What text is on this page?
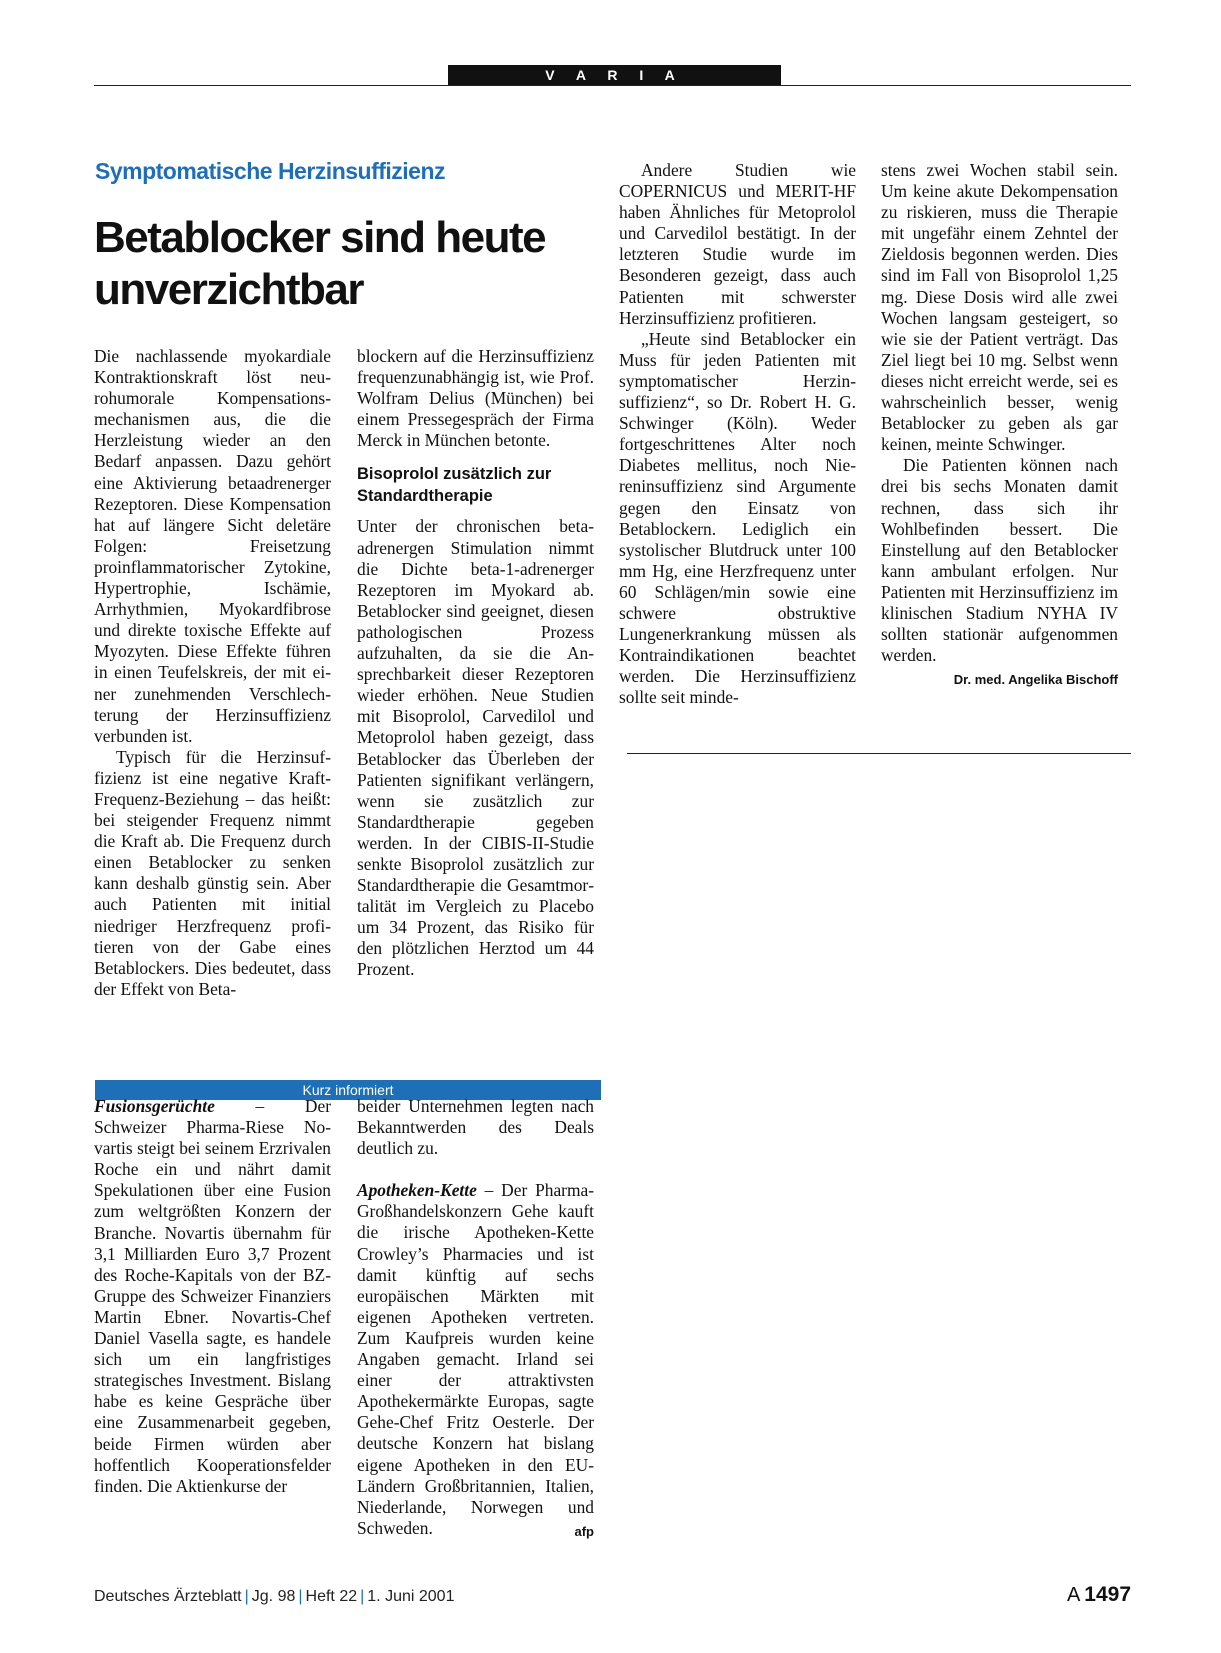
V A R I A
Symptomatische Herzinsuffizienz
Betablocker sind heute unverzichtbar

Die nachlassende myokardiale Kontraktionskraft löst neurohumorale Kompensationsmechanismen aus, die die Herzleistung wieder an den Bedarf anpassen. Dazu gehört eine Aktivierung betaadrenerger Rezeptoren. Diese Kompensation hat auf längere Sicht deletäre Folgen: Freisetzung proinflammatorischer Zytokine, Hypertrophie, Ischämie, Arrhythmien, Myokardfibrose und direkte toxische Effekte auf Myozyten. Diese Effekte führen in einen Teufelskreis, der mit einer zunehmenden Verschlechterung der Herzinsuffizienz verbunden ist.

Typisch für die Herzinsuffizienz ist eine negative Kraft-Frequenz-Beziehung – das heißt: bei steigender Frequenz nimmt die Kraft ab. Die Frequenz durch einen Betablocker zu senken kann deshalb günstig sein. Aber auch Patienten mit initial niedriger Herzfrequenz profitieren von der Gabe eines Betablockers. Dies bedeutet, dass der Effekt von Beta-

blockern auf die Herzinsuffizienz frequenzunabhängig ist, wie Prof. Wolfram Delius (München) bei einem Pressegespräch der Firma Merck in München betonte.

Bisoprolol zusätzlich zur Standardtherapie

Unter der chronischen betaadrenergen Stimulation nimmt die Dichte beta-1-adrenerger Rezeptoren im Myokard ab. Betablocker sind geeignet, diesen pathologischen Prozess aufzuhalten, da sie die Ansprechbarkeit dieser Rezeptoren wieder erhöhen. Neue Studien mit Bisoprolol, Carvedilol und Metoprolol haben gezeigt, dass Betablocker das Überleben der Patienten signifikant verlängern, wenn sie zusätzlich zur Standardtherapie gegeben werden. In der CIBIS-II-Studie senkte Bisoprolol zusätzlich zur Standardtherapie die Gesamtmortalität im Vergleich zu Placebo um 34 Prozent, das Risiko für den plötzlichen Herztod um 44 Prozent.

Andere Studien wie COPERNICUS und MERIT-HF haben Ähnliches für Metoprolol und Carvedilol bestätigt. In der letzteren Studie wurde im Besonderen gezeigt, dass auch Patienten mit schwerster Herzinsuffizienz profitieren.

„Heute sind Betablocker ein Muss für jeden Patienten mit symptomatischer Herzinsuffizienz“, so Dr. Robert H. G. Schwinger (Köln). Weder fortgeschrittenes Alter noch Diabetes mellitus, noch Niereninsuffizienz sind Argumente gegen den Einsatz von Betablockern. Lediglich ein systolischer Blutdruck unter 100 mm Hg, eine Herzfrequenz unter 60 Schlägen/min sowie eine schwere obstruktive Lungenerkrankung müssen als Kontraindikationen beachtet werden. Die Herzinsuffizienz sollte seit minde-

stens zwei Wochen stabil sein. Um keine akute Dekompensation zu riskieren, muss die Therapie mit ungefähr einem Zehntel der Zieldosis begonnen werden. Dies sind im Fall von Bisoprolol 1,25 mg. Diese Dosis wird alle zwei Wochen langsam gesteigert, so wie sie der Patient verträgt. Das Ziel liegt bei 10 mg. Selbst wenn dieses nicht erreicht werde, sei es wahrscheinlich besser, wenig Betablocker zu geben als gar keinen, meinte Schwinger.

Die Patienten können nach drei bis sechs Monaten damit rechnen, dass sich ihr Wohlbefinden bessert. Die Einstellung auf den Betablocker kann ambulant erfolgen. Nur Patienten mit Herzinsuffizienz im klinischen Stadium NYHA IV sollten stationär aufgenommen werden.
Dr. med. Angelika Bischoff

Kurz informiert

Fusionsgerüchte – Der Schweizer Pharma-Riese Novartis steigt bei seinem Erzrivalen Roche ein und nährt damit Spekulationen über eine Fusion zum weltgrößten Konzern der Branche. Novartis übernahm für 3,1 Milliarden Euro 3,7 Prozent des Roche-Kapitals von der BZ-Gruppe des Schweizer Finanziers Martin Ebner. Novartis-Chef Daniel Vasella sagte, es handele sich um ein langfristiges strategisches Investment. Bislang habe es keine Gespräche über eine Zusammenarbeit gegeben, beide Firmen würden aber hoffentlich Kooperationsfelder finden. Die Aktienkurse der

beider Unternehmen legten nach Bekanntwerden des Deals deutlich zu.

Apotheken-Kette – Der Pharma-Großhandelskonzern Gehe kauft die irische Apotheken-Kette Crowley’s Pharmacies und ist damit künftig auf sechs europäischen Märkten mit eigenen Apotheken vertreten. Zum Kaufpreis wurden keine Angaben gemacht. Irland sei einer der attraktivsten Apothekermärkte Europas, sagte Gehe-Chef Fritz Oesterle. Der deutsche Konzern hat bislang eigene Apotheken in den EU-Ländern Großbritannien, Italien, Niederlande, Norwegen und Schweden.	afp

Deutsches Ärzteblatt | Jg. 98 | Heft 22 | 1. Juni 2001	A 1497
